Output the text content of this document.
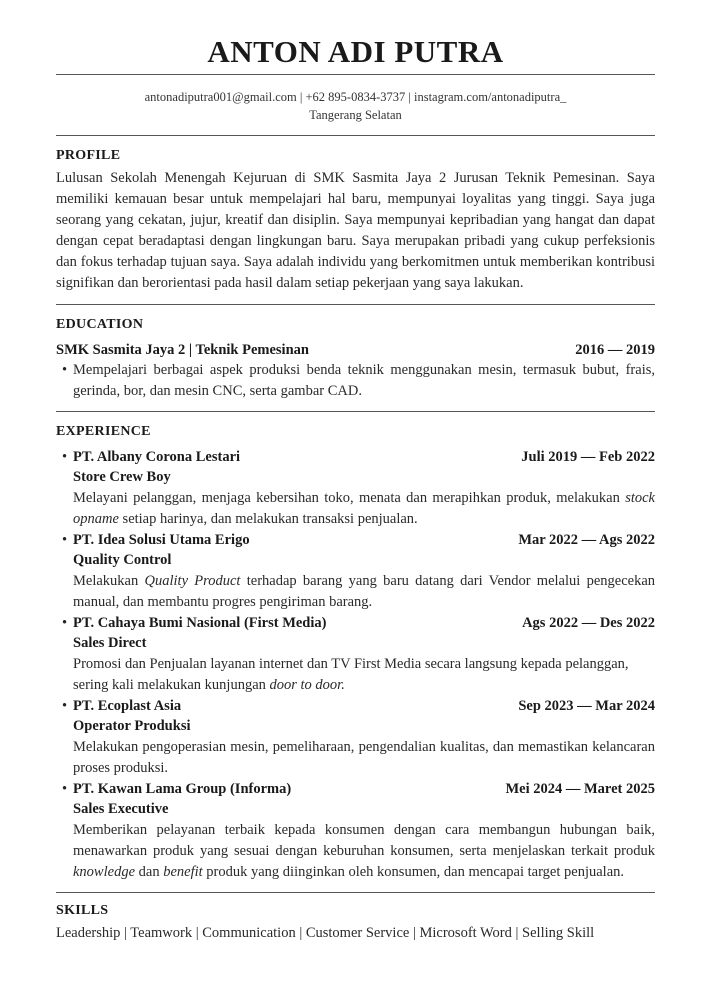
ANTON ADI PUTRA
antonadiputra001@gmail.com | +62 895-0834-3737 | instagram.com/antonadiputra_
Tangerang Selatan
PROFILE

Lulusan Sekolah Menengah Kejuruan di SMK Sasmita Jaya 2 Jurusan Teknik Pemesinan. Saya memiliki kemauan besar untuk mempelajari hal baru, mempunyai loyalitas yang tinggi. Saya juga seorang yang cekatan, jujur, kreatif dan disiplin. Saya mempunyai kepribadian yang hangat dan dapat dengan cepat beradaptasi dengan lingkungan baru. Saya merupakan pribadi yang cukup perfeksionis dan fokus terhadap tujuan saya. Saya adalah individu yang berkomitmen untuk memberikan kontribusi signifikan dan berorientasi pada hasil dalam setiap pekerjaan yang saya lakukan.

EDUCATION
SMK Sasmita Jaya 2 | Teknik Pemesinan	2016 — 2019
• Mempelajari berbagai aspek produksi benda teknik menggunakan mesin, termasuk bubut, frais, gerinda, bor, dan mesin CNC, serta gambar CAD.
EXPERIENCE
• PT. Albany Corona Lestari	Juli 2019 — Feb 2022
Store Crew Boy
Melayani pelanggan, menjaga kebersihan toko, menata dan merapihkan produk, melakukan stock opname setiap harinya, dan melakukan transaksi penjualan.
• PT. Idea Solusi Utama Erigo	Mar 2022 — Ags 2022
Quality Control
Melakukan Quality Product terhadap barang yang baru datang dari Vendor melalui pengecekan manual, dan membantu progres pengiriman barang.
• PT. Cahaya Bumi Nasional (First Media)	Ags 2022 — Des 2022
Sales Direct
Promosi dan Penjualan layanan internet dan TV First Media secara langsung kepada pelanggan, sering kali melakukan kunjungan door to door.
• PT. Ecoplast Asia	Sep 2023 — Mar 2024
Operator Produksi
Melakukan pengoperasian mesin, pemeliharaan, pengendalian kualitas, dan memastikan kelancaran proses produksi.
• PT. Kawan Lama Group (Informa)	Mei 2024 — Maret 2025
Sales Executive
Memberikan pelayanan terbaik kepada konsumen dengan cara membangun hubungan baik, menawarkan produk yang sesuai dengan keburuhan konsumen, serta menjelaskan terkait produk knowledge dan benefit produk yang diinginkan oleh konsumen, dan mencapai target penjualan.
SKILLS
Leadership | Teamwork | Communication | Customer Service | Microsoft Word | Selling Skill
